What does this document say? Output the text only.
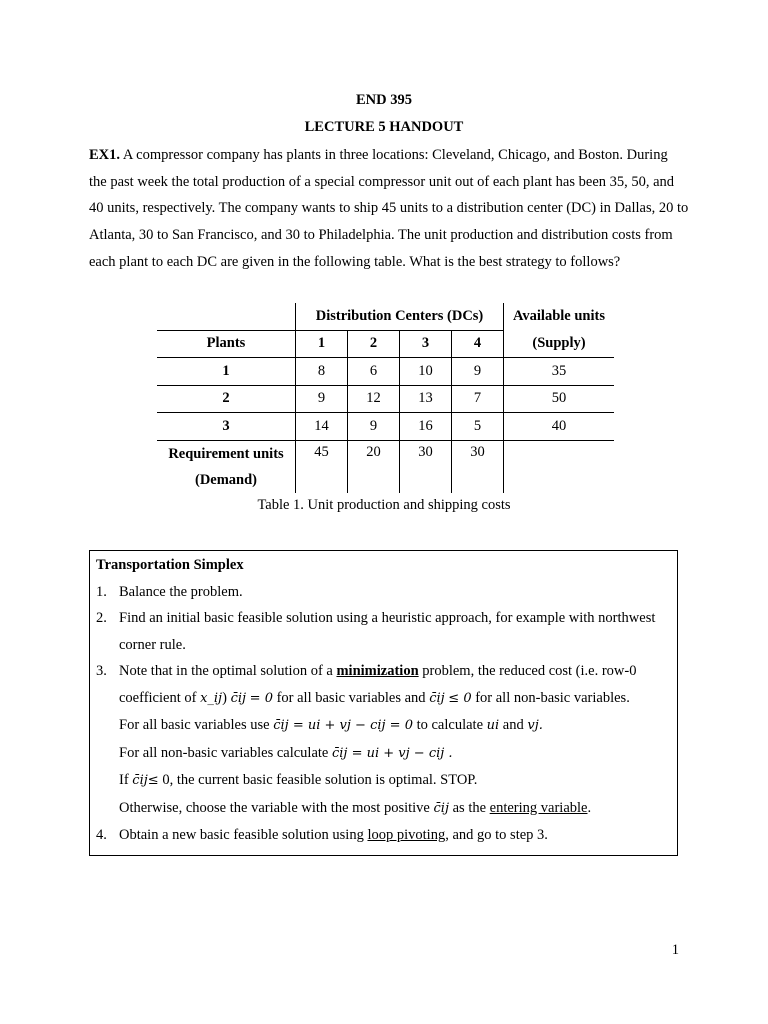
END 395
LECTURE 5 HANDOUT
EX1. A compressor company has plants in three locations: Cleveland, Chicago, and Boston. During the past week the total production of a special compressor unit out of each plant has been 35, 50, and 40 units, respectively. The company wants to ship 45 units to a distribution center (DC) in Dallas, 20 to Atlanta, 30 to San Francisco, and 30 to Philadelphia. The unit production and distribution costs from each plant to each DC are given in the following table. What is the best strategy to follows?
	Distribution Centers (DCs)				Available units
Plants	1	2	3	4	(Supply)
1	8	6	10	9	35
2	9	12	13	7	50
3	14	9	16	5	40
Requirement units
(Demand)	45	20	30	30	
Table 1. Unit production and shipping costs
Transportation Simplex
1. Balance the problem.
2. Find an initial basic feasible solution using a heuristic approach, for example with northwest corner rule.
3. Note that in the optimal solution of a minimization problem, the reduced cost (i.e. row-0 coefficient of x_ij) c̄ij = 0 for all basic variables and c̄ij ≤ 0 for all non-basic variables.
For all basic variables use c̄ij = ui + vj − cij = 0 to calculate ui and vj.
For all non-basic variables calculate c̄ij = ui + vj − cij .
If c̄ij≤ 0, the current basic feasible solution is optimal. STOP.
Otherwise, choose the variable with the most positive c̄ij as the entering variable.
4. Obtain a new basic feasible solution using loop pivoting, and go to step 3.
1
